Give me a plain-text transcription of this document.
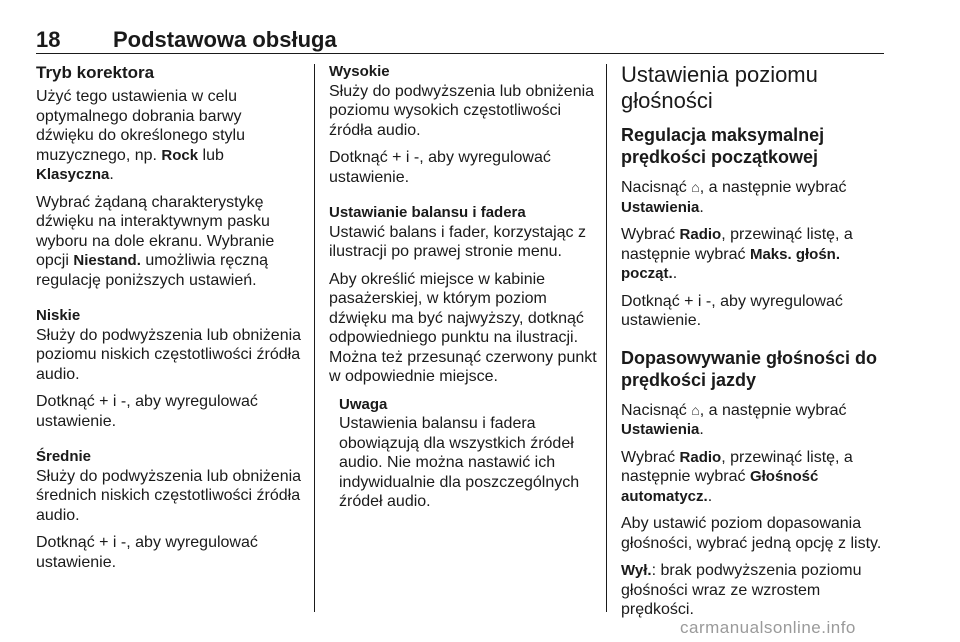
18 Podstawowa obsługa
Tryb korektora

Użyć tego ustawienia w celu optymalnego dobrania barwy dźwięku do określonego stylu muzycznego, np. Rock lub Klasyczna.

Wybrać żądaną charakterystykę dźwięku na interaktywnym pasku wyboru na dole ekranu. Wybranie opcji Niestand. umożliwia ręczną regulację poniższych ustawień.

Niskie

Służy do podwyższenia lub obniżenia poziomu niskich częstotliwości źródła audio.

Dotknąć + i -, aby wyregulować ustawienie.

Średnie

Służy do podwyższenia lub obniżenia średnich niskich częstotliwości źródła audio.

Dotknąć + i -, aby wyregulować ustawienie.

Wysokie

Służy do podwyższenia lub obniżenia poziomu wysokich częstotliwości źródła audio.

Dotknąć + i -, aby wyregulować ustawienie.

Ustawianie balansu i fadera

Ustawić balans i fader, korzystając z ilustracji po prawej stronie menu.

Aby określić miejsce w kabinie pasażerskiej, w którym poziom dźwięku ma być najwyższy, dotknąć odpowiedniego punktu na ilustracji. Można też przesunąć czerwony punkt w odpowiednie miejsce.

Uwaga

Ustawienia balansu i fadera obowiązują dla wszystkich źródeł audio. Nie można nastawić ich indywidualnie dla poszczególnych źródeł audio.

Ustawienia poziomu głośności
Regulacja maksymalnej prędkości początkowej

Nacisnąć ⌂, a następnie wybrać Ustawienia.

Wybrać Radio, przewinąć listę, a następnie wybrać Maks. głośn. począt..

Dotknąć + i -, aby wyregulować ustawienie.

Dopasowywanie głośności do prędkości jazdy

Nacisnąć ⌂, a następnie wybrać Ustawienia.

Wybrać Radio, przewinąć listę, a następnie wybrać Głośność automatycz..

Aby ustawić poziom dopasowania głośności, wybrać jedną opcję z listy.

Wył.: brak podwyższenia poziomu głośności wraz ze wzrostem prędkości.

carmanualsonline.info
